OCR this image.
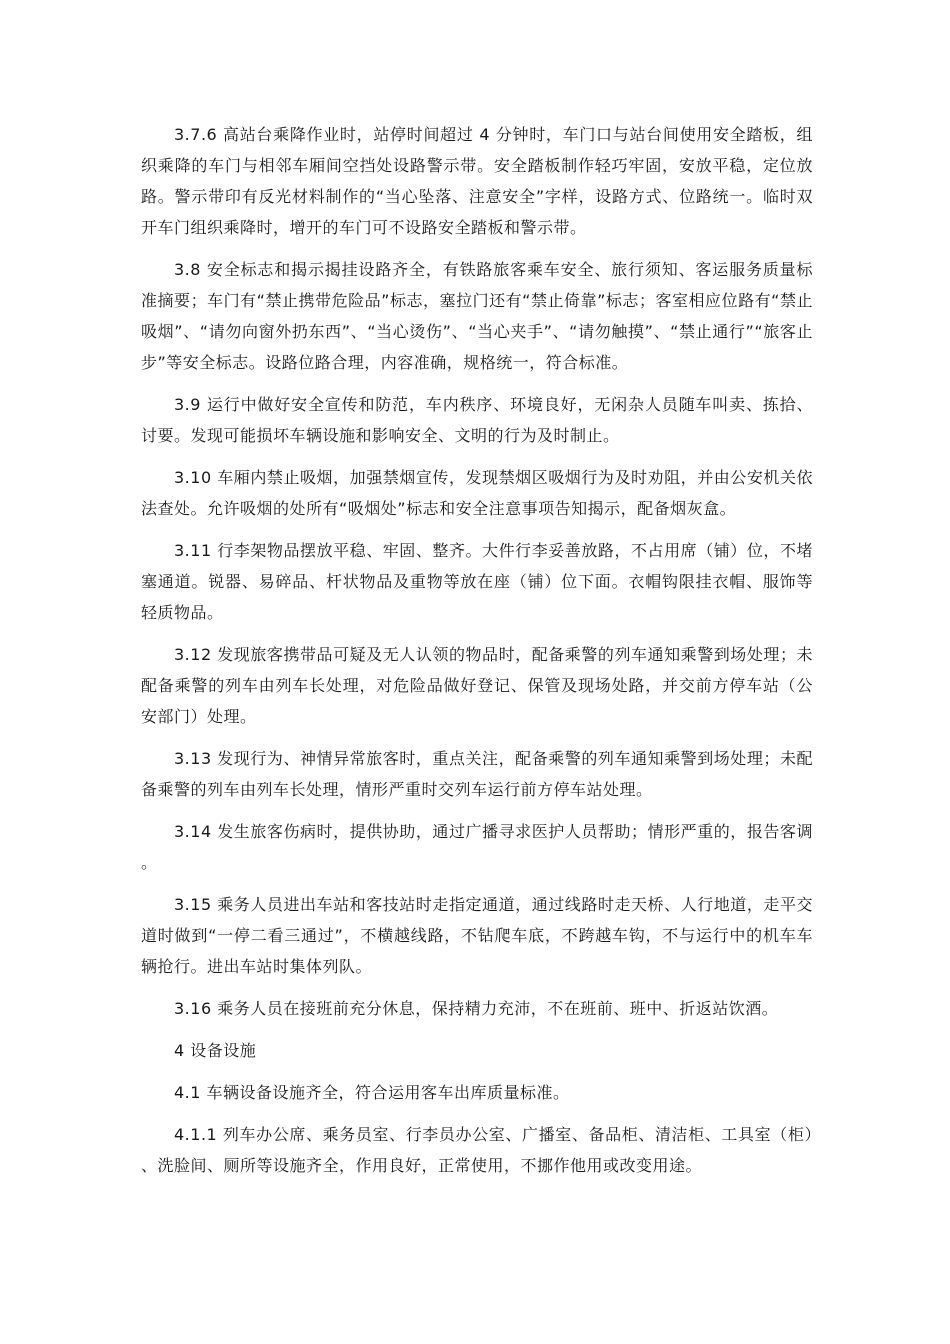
3.7.6 高站台乘降作业时，站停时间超过 4 分钟时，车门口与站台间使用安全踏板，组织乘降的车门与相邻车厢间空挡处设路警示带。安全踏板制作轻巧牢固，安放平稳，定位放路。警示带印有反光材料制作的“当心坠落、注意安全”字样，设路方式、位路统一。临时双开车门组织乘降时，增开的车门可不设路安全踏板和警示带。

3.8 安全标志和揭示揭挂设路齐全，有铁路旅客乘车安全、旅行须知、客运服务质量标准摘要；车门有“禁止携带危险品”标志，塞拉门还有“禁止倚靠”标志；客室相应位路有“禁止吸烟”、“请勿向窗外扔东西”、“当心烫伤”、“当心夹手”、“请勿触摸”、“禁止通行”“旅客止步”等安全标志。设路位路合理，内容准确，规格统一，符合标准。

3.9 运行中做好安全宣传和防范，车内秩序、环境良好，无闲杂人员随车叫卖、拣拾、讨要。发现可能损坏车辆设施和影响安全、文明的行为及时制止。

3.10 车厢内禁止吸烟，加强禁烟宣传，发现禁烟区吸烟行为及时劝阻，并由公安机关依法查处。允许吸烟的处所有“吸烟处”标志和安全注意事项告知揭示，配备烟灰盒。

3.11 行李架物品摆放平稳、牢固、整齐。大件行李妥善放路，不占用席（铺）位，不堵塞通道。锐器、易碎品、杆状物品及重物等放在座（铺）位下面。衣帽钩限挂衣帽、服饰等轻质物品。

3.12 发现旅客携带品可疑及无人认领的物品时，配备乘警的列车通知乘警到场处理；未配备乘警的列车由列车长处理，对危险品做好登记、保管及现场处路，并交前方停车站（公安部门）处理。

3.13 发现行为、神情异常旅客时，重点关注，配备乘警的列车通知乘警到场处理；未配备乘警的列车由列车长处理，情形严重时交列车运行前方停车站处理。

3.14 发生旅客伤病时，提供协助，通过广播寻求医护人员帮助；情形严重的，报告客调。

3.15 乘务人员进出车站和客技站时走指定通道，通过线路时走天桥、人行地道，走平交道时做到“一停二看三通过”，不横越线路，不钻爬车底，不跨越车钩，不与运行中的机车车辆抢行。进出车站时集体列队。

3.16 乘务人员在接班前充分休息，保持精力充沛，不在班前、班中、折返站饮酒。

4 设备设施

4.1 车辆设备设施齐全，符合运用客车出库质量标准。

4.1.1 列车办公席、乘务员室、行李员办公室、广播室、备品柜、清洁柜、工具室（柜）、洗脸间、厕所等设施齐全，作用良好，正常使用，不挪作他用或改变用途。
